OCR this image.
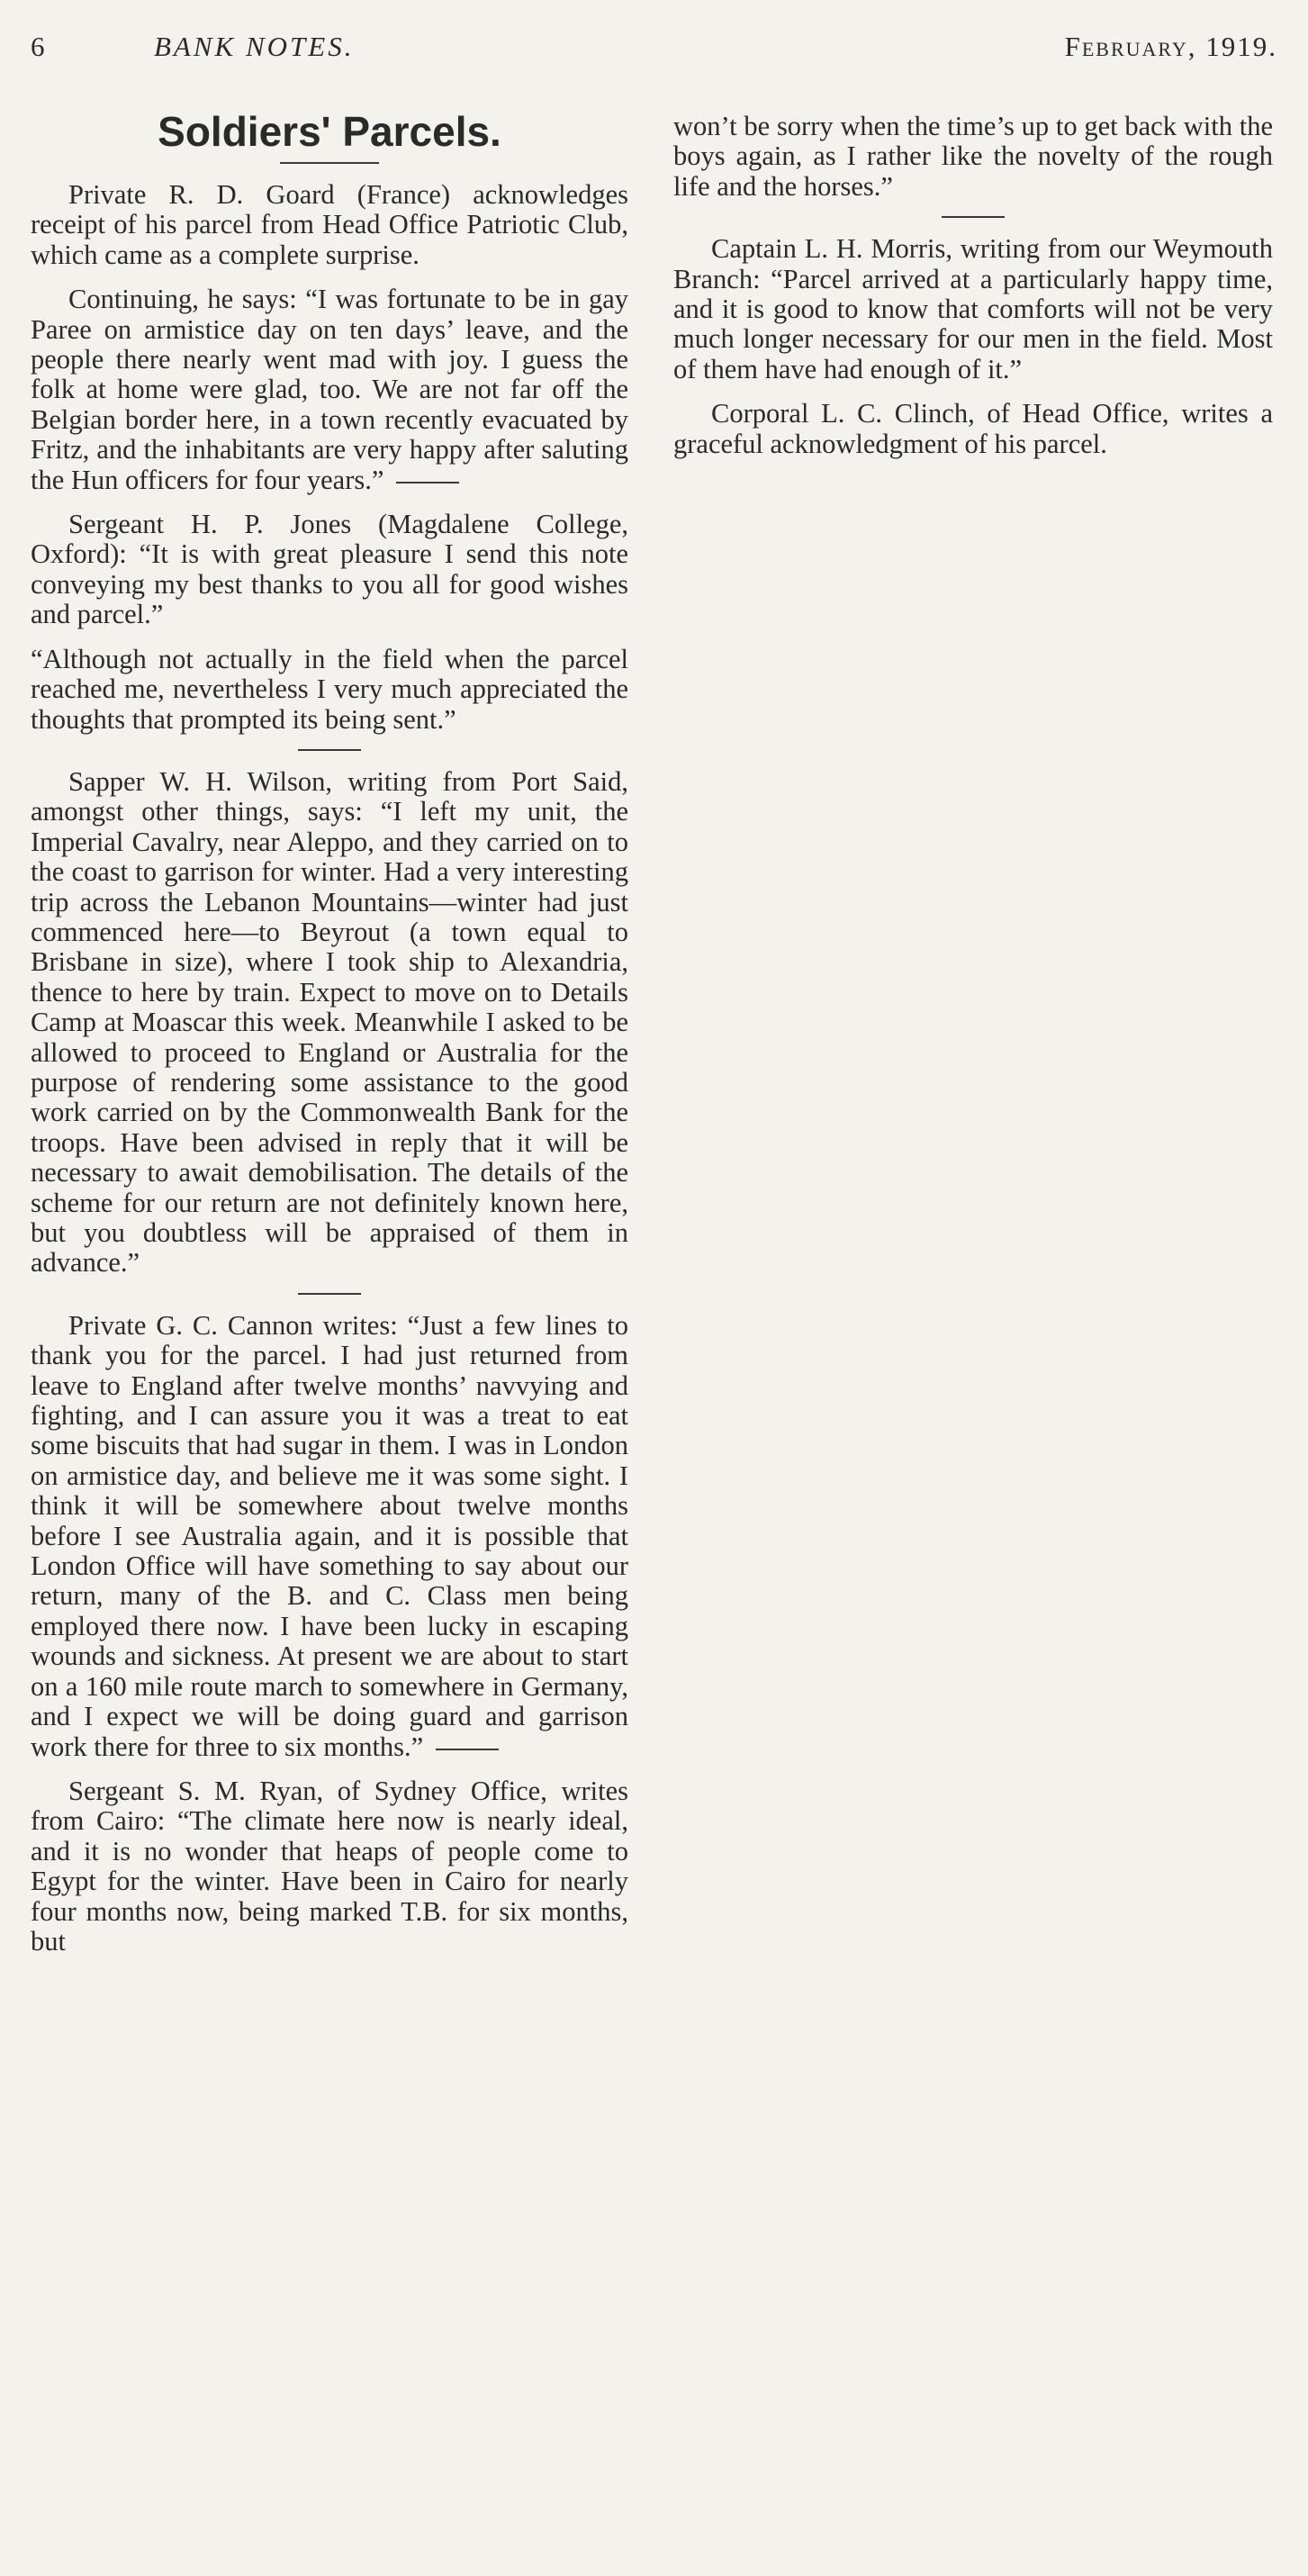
6	BANK NOTES.	February, 1919.
Soldiers' Parcels.

Private R. D. Goard (France) acknowledges receipt of his parcel from Head Office Patriotic Club, which came as a complete surprise.

Continuing, he says: “I was fortunate to be in gay Paree on armistice day on ten days’ leave, and the people there nearly went mad with joy. I guess the folk at home were glad, too. We are not far off the Belgian border here, in a town recently evacuated by Fritz, and the inhabitants are very happy after saluting the Hun officers for four years.”

Sergeant H. P. Jones (Magdalene College, Oxford): “It is with great pleasure I send this note conveying my best thanks to you all for good wishes and parcel.”

“Although not actually in the field when the parcel reached me, nevertheless I very much appreciated the thoughts that prompted its being sent.”

Sapper W. H. Wilson, writing from Port Said, amongst other things, says: “I left my unit, the Imperial Cavalry, near Aleppo, and they carried on to the coast to garrison for winter. Had a very interesting trip across the Lebanon Mountains—winter had just commenced here—to Beyrout (a town equal to Brisbane in size), where I took ship to Alexandria, thence to here by train. Expect to move on to Details Camp at Moascar this week. Meanwhile I asked to be allowed to proceed to England or Australia for the purpose of rendering some assistance to the good work carried on by the Commonwealth Bank for the troops. Have been advised in reply that it will be necessary to await demobilisation. The details of the scheme for our return are not definitely known here, but you doubtless will be appraised of them in advance.”

Private G. C. Cannon writes: “Just a few lines to thank you for the parcel. I had just returned from leave to England after twelve months’ navvying and fighting, and I can assure you it was a treat to eat some biscuits that had sugar in them. I was in London on armistice day, and believe me it was some sight. I think it will be somewhere about twelve months before I see Australia again, and it is possible that London Office will have something to say about our return, many of the B. and C. Class men being employed there now. I have been lucky in escaping wounds and sickness. At present we are about to start on a 160 mile route march to somewhere in Germany, and I expect we will be doing guard and garrison work there for three to six months.”

Sergeant S. M. Ryan, of Sydney Office, writes from Cairo: “The climate here now is nearly ideal, and it is no wonder that heaps of people come to Egypt for the winter. Have been in Cairo for nearly four months now, being marked T.B. for six months, but

won’t be sorry when the time’s up to get back with the boys again, as I rather like the novelty of the rough life and the horses.”

Captain L. H. Morris, writing from our Weymouth Branch: “Parcel arrived at a particularly happy time, and it is good to know that comforts will not be very much longer necessary for our men in the field. Most of them have had enough of it.”

Corporal L. C. Clinch, of Head Office, writes a graceful acknowledgment of his parcel.
